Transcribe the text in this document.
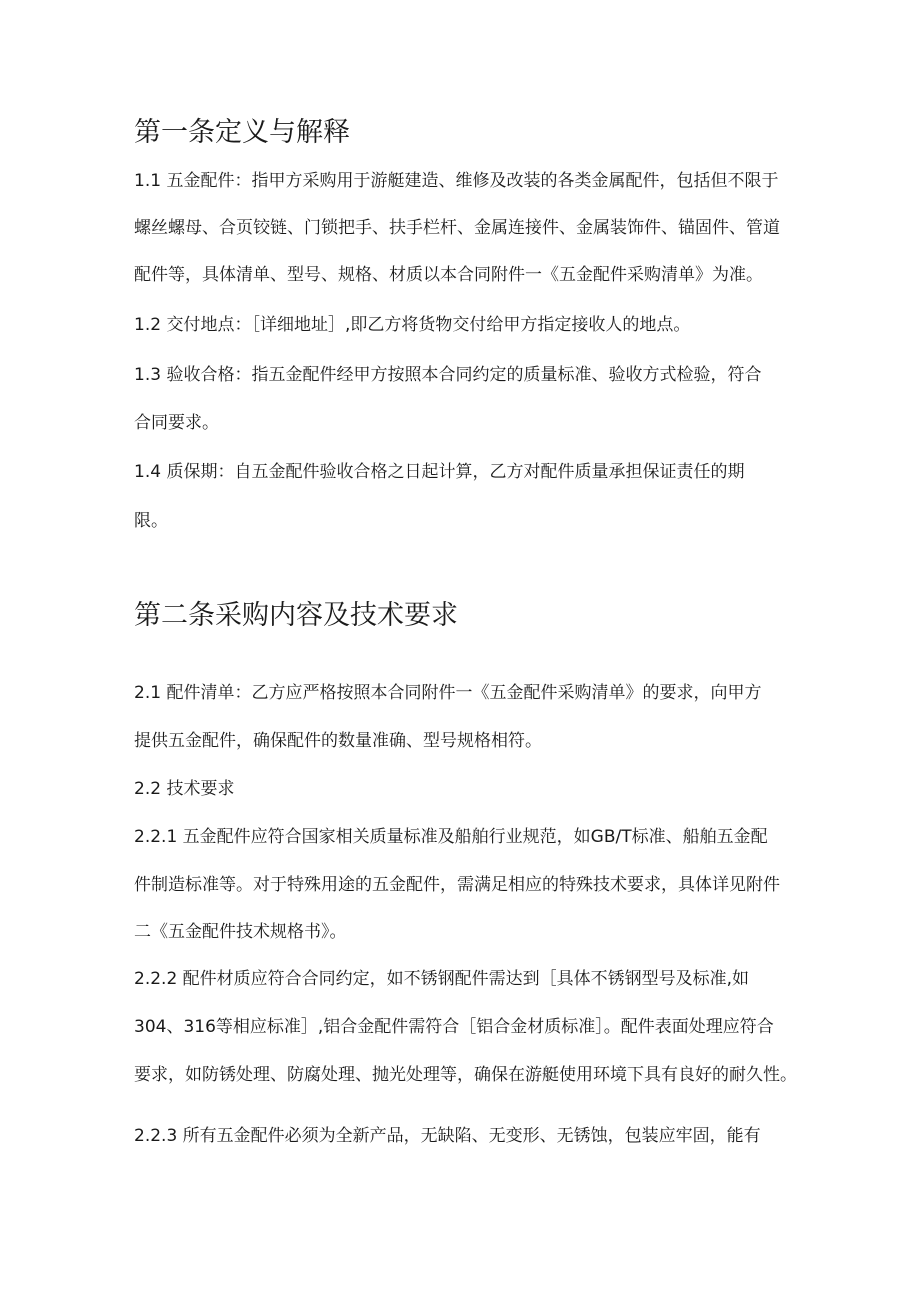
第一条定义与解释
1.1 五金配件：指甲方采购用于游艇建造、维修及改装的各类金属配件，包括但不限于
螺丝螺母、合页铰链、门锁把手、扶手栏杆、金属连接件、金属装饰件、锚固件、管道
配件等，具体清单、型号、规格、材质以本合同附件一《五金配件采购清单》为准。
1.2 交付地点：［详细地址］,即乙方将货物交付给甲方指定接收人的地点。
1.3 验收合格：指五金配件经甲方按照本合同约定的质量标准、验收方式检验，符合
合同要求。
1.4 质保期：自五金配件验收合格之日起计算，乙方对配件质量承担保证责任的期
限。
第二条采购内容及技术要求
2.1 配件清单：乙方应严格按照本合同附件一《五金配件采购清单》的要求，向甲方
提供五金配件，确保配件的数量准确、型号规格相符。
2.2 技术要求
2.2.1 五金配件应符合国家相关质量标准及船舶行业规范，如GB/T标准、船舶五金配
件制造标准等。对于特殊用途的五金配件，需满足相应的特殊技术要求，具体详见附件
二《五金配件技术规格书》。
2.2.2 配件材质应符合合同约定，如不锈钢配件需达到［具体不锈钢型号及标准,如
304、316等相应标准］,铝合金配件需符合［铝合金材质标准］。配件表面处理应符合
要求，如防锈处理、防腐处理、抛光处理等，确保在游艇使用环境下具有良好的耐久性。
2.2.3 所有五金配件必须为全新产品，无缺陷、无变形、无锈蚀，包装应牢固，能有
